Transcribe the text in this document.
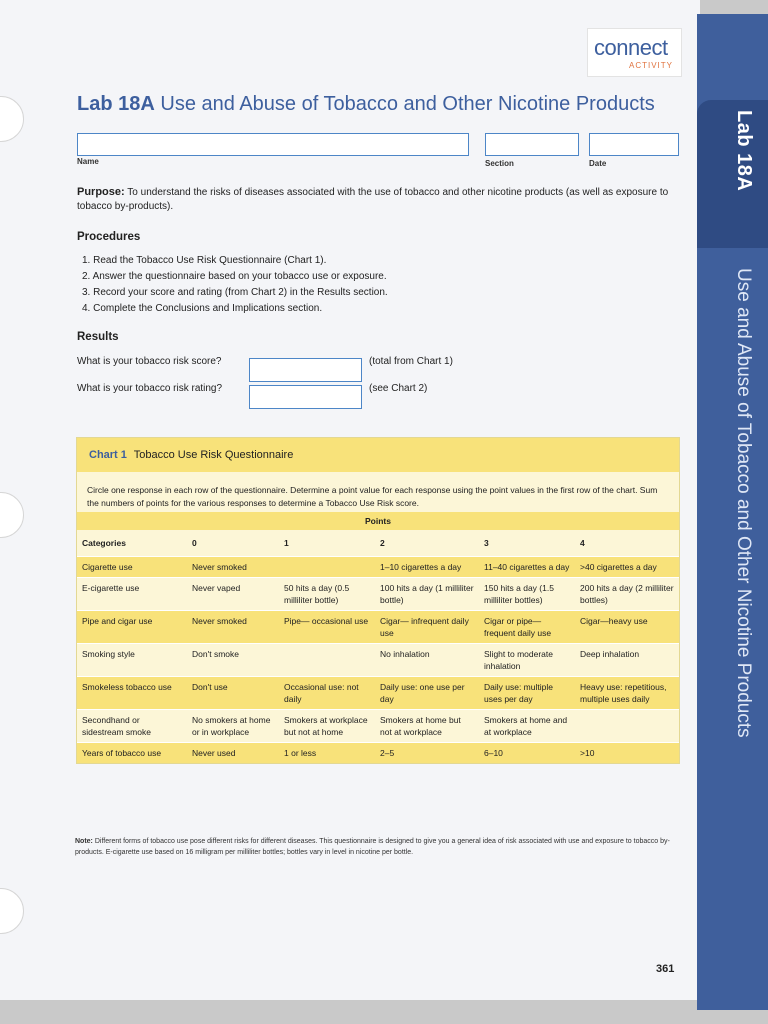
connect
ACTIVITY
Lab 18A Use and Abuse of Tobacco and Other Nicotine Products
Name	Section	Date
Purpose: To understand the risks of diseases associated with the use of tobacco and other nicotine products (as well as exposure to tobacco by-products).
Procedures
1. Read the Tobacco Use Risk Questionnaire (Chart 1).
2. Answer the questionnaire based on your tobacco use or exposure.
3. Record your score and rating (from Chart 2) in the Results section.
4. Complete the Conclusions and Implications section.
Results
What is your tobacco risk score?	(total from Chart 1)
What is your tobacco risk rating?	(see Chart 2)
Chart 1 Tobacco Use Risk Questionnaire
Circle one response in each row of the questionnaire. Determine a point value for each response using the point values in the first row of the chart. Sum the numbers of points for the various responses to determine a Tobacco Use Risk score.
Points					
Categories	0	1	2	3	4
Cigarette use	Never smoked		1–10 cigarettes a day	11–40 cigarettes a day	>40 cigarettes a day
E-cigarette use	Never vaped	50 hits a day (0.5 milliliter bottle)	100 hits a day (1 milliliter bottle)	150 hits a day (1.5 milliliter bottles)	200 hits a day (2 milliliter bottles)
Pipe and cigar use	Never smoked	Pipe— occasional use	Cigar— infrequent daily use	Cigar or pipe— frequent daily use	Cigar—heavy use
Smoking style	Don't smoke		No inhalation	Slight to moderate inhalation	Deep inhalation
Smokeless tobacco use	Don't use	Occasional use: not daily	Daily use: one use per day	Daily use: multiple uses per day	Heavy use: repetitious, multiple uses daily
Secondhand or sidestream smoke	No smokers at home or in workplace	Smokers at workplace but not at home	Smokers at home but not at workplace	Smokers at home and at workplace	
Years of tobacco use	Never used	1 or less	2–5	6–10	>10
Note: Different forms of tobacco use pose different risks for different diseases. This questionnaire is designed to give you a general idea of risk associated with use and exposure to tobacco by-products. E-cigarette use based on 16 milligram per milliliter bottles; bottles vary in level in nicotine per bottle.
361
Lab 18A
Use and Abuse of Tobacco and Other Nicotine Products
